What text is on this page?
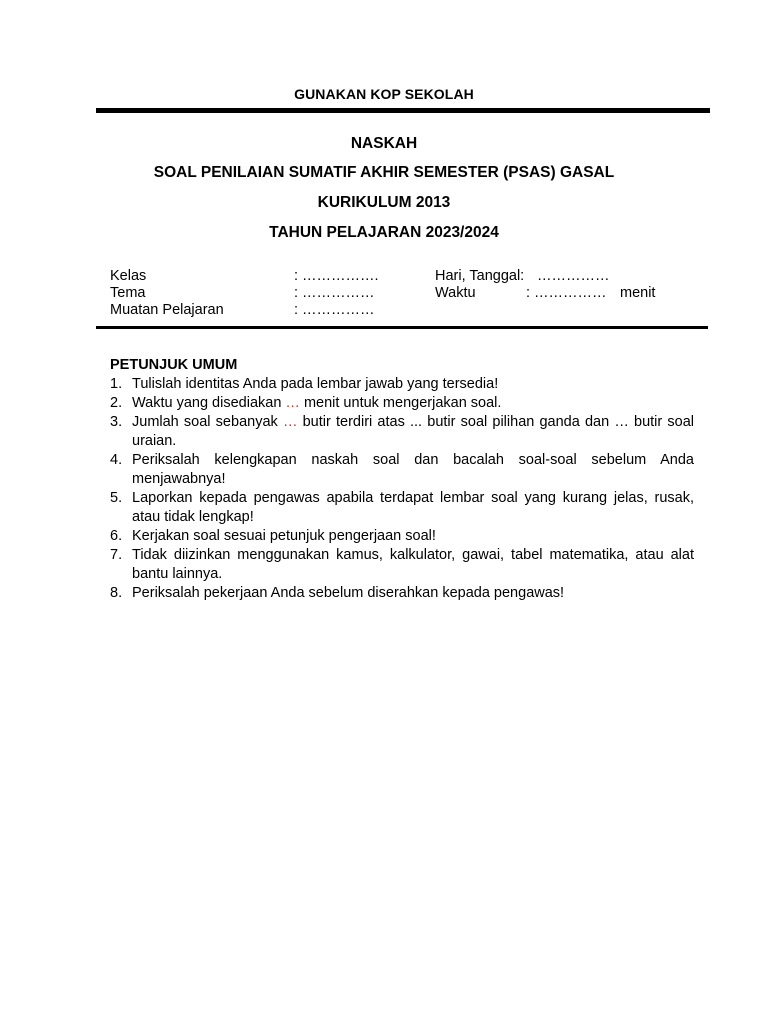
GUNAKAN KOP SEKOLAH
NASKAH
SOAL PENILAIAN SUMATIF AKHIR SEMESTER (PSAS) GASAL
KURIKULUM 2013
TAHUN PELAJARAN 2023/2024
Kelas	: …………….	Hari, Tanggal: ……………
Tema	: ……………	Waktu	: …………… menit
Muatan Pelajaran	: ……………
PETUNJUK UMUM
1. Tulislah identitas Anda pada lembar jawab yang tersedia!
2. Waktu yang disediakan … menit untuk mengerjakan soal.
3. Jumlah soal sebanyak … butir terdiri atas ... butir soal pilihan ganda dan … butir soal uraian.
4. Periksalah kelengkapan naskah soal dan bacalah soal-soal sebelum Anda menjawabnya!
5. Laporkan kepada pengawas apabila terdapat lembar soal yang kurang jelas, rusak, atau tidak lengkap!
6. Kerjakan soal sesuai petunjuk pengerjaan soal!
7. Tidak diizinkan menggunakan kamus, kalkulator, gawai, tabel matematika, atau alat bantu lainnya.
8. Periksalah pekerjaan Anda sebelum diserahkan kepada pengawas!
